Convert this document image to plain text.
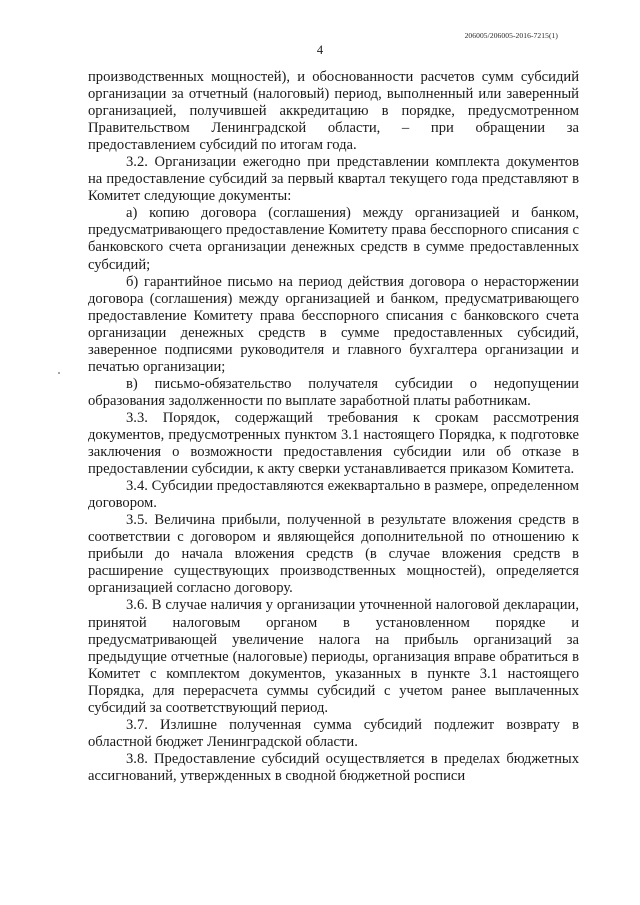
206005/206005-2016-7215(1)
4

производственных мощностей), и обоснованности расчетов сумм субсидий организации за отчетный (налоговый) период, выполненный или заверенный организацией, получившей аккредитацию в порядке, предусмотренном Правительством Ленинградской области, – при обращении за предоставлением субсидий по итогам года.

3.2. Организации ежегодно при представлении комплекта документов на предоставление субсидий за первый квартал текущего года представляют в Комитет следующие документы:

а) копию договора (соглашения) между организацией и банком, предусматривающего предоставление Комитету права бесспорного списания с банковского счета организации денежных средств в сумме предоставленных субсидий;

б) гарантийное письмо на период действия договора о нерасторжении договора (соглашения) между организацией и банком, предусматривающего предоставление Комитету права бесспорного списания с банковского счета организации денежных средств в сумме предоставленных субсидий, заверенное подписями руководителя и главного бухгалтера организации и печатью организации;

в) письмо-обязательство получателя субсидии о недопущении образования задолженности по выплате заработной платы работникам.

3.3. Порядок, содержащий требования к срокам рассмотрения документов, предусмотренных пунктом 3.1 настоящего Порядка, к подготовке заключения о возможности предоставления субсидии или об отказе в предоставлении субсидии, к акту сверки устанавливается приказом Комитета.

3.4. Субсидии предоставляются ежеквартально в размере, определенном договором.

3.5. Величина прибыли, полученной в результате вложения средств в соответствии с договором и являющейся дополнительной по отношению к прибыли до начала вложения средств (в случае вложения средств в расширение существующих производственных мощностей), определяется организацией согласно договору.

3.6. В случае наличия у организации уточненной налоговой декларации, принятой налоговым органом в установленном порядке и предусматривающей увеличение налога на прибыль организаций за предыдущие отчетные (налоговые) периоды, организация вправе обратиться в Комитет с комплектом документов, указанных в пункте 3.1 настоящего Порядка, для перерасчета суммы субсидий с учетом ранее выплаченных субсидий за соответствующий период.

3.7. Излишне полученная сумма субсидий подлежит возврату в областной бюджет Ленинградской области.

3.8. Предоставление субсидий осуществляется в пределах бюджетных ассигнований, утвержденных в сводной бюджетной росписи
